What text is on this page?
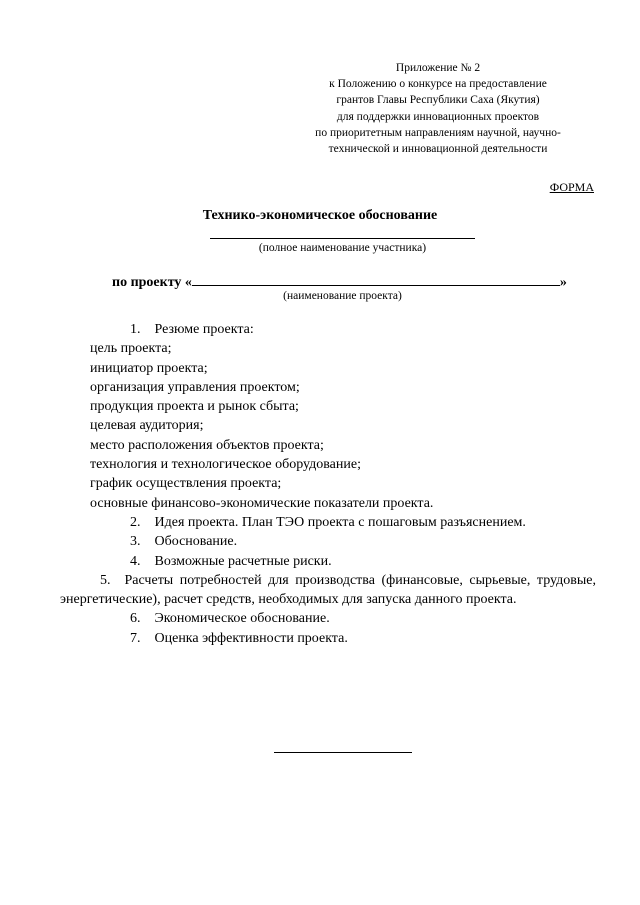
Приложение № 2
к Положению о конкурсе на предоставление
грантов Главы Республики Саха (Якутия)
для поддержки инновационных проектов
по приоритетным направлениям научной, научно-
технической и инновационной деятельности
ФОРМА
Технико-экономическое обоснование
(полное наименование участника)
по проекту «	»
(наименование проекта)
1. Резюме проекта:
цель проекта;
инициатор проекта;
организация управления проектом;
продукция проекта и рынок сбыта;
целевая аудитория;
место расположения объектов проекта;
технология и технологическое оборудование;
график осуществления проекта;
основные финансово-экономические показатели проекта.
2. Идея проекта. План ТЭО проекта с пошаговым разъяснением.
3. Обоснование.
4. Возможные расчетные риски.
5. Расчеты потребностей для производства (финансовые, сырьевые, трудовые, энергетические), расчет средств, необходимых для запуска данного проекта.
6. Экономическое обоснование.
7. Оценка эффективности проекта.
